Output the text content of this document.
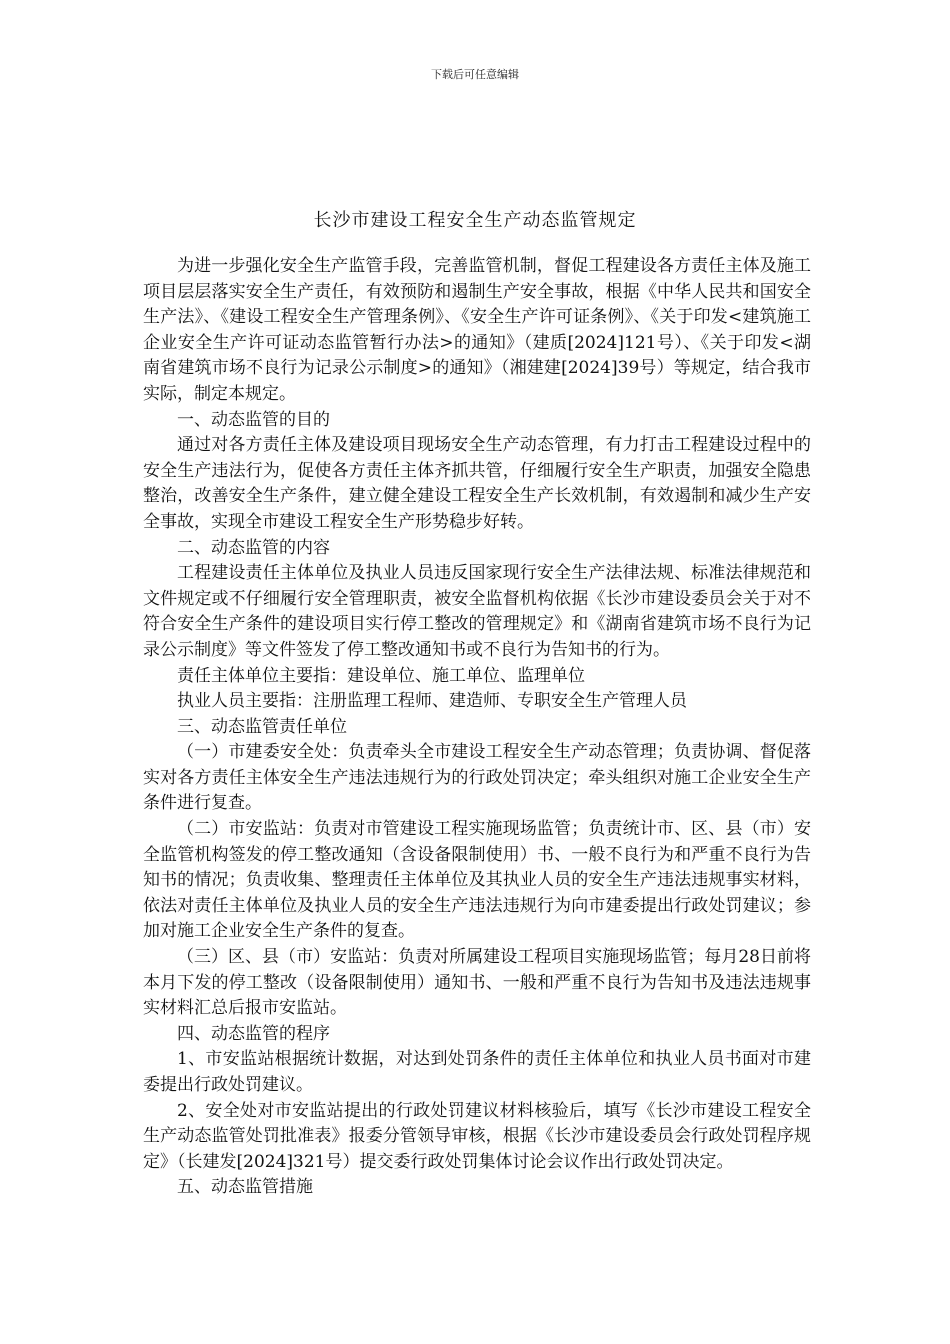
下载后可任意编辑
长沙市建设工程安全生产动态监管规定

为进一步强化安全生产监管手段，完善监管机制，督促工程建设各方责任主体及施工项目层层落实安全生产责任，有效预防和遏制生产安全事故，根据《中华人民共和国安全生产法》、《建设工程安全生产管理条例》、《安全生产许可证条例》、《关于印发<建筑施工企业安全生产许可证动态监管暂行办法>的通知》（建质[2024]121号）、《关于印发<湖南省建筑市场不良行为记录公示制度>的通知》（湘建建[2024]39号）等规定，结合我市实际，制定本规定。

一、动态监管的目的

通过对各方责任主体及建设项目现场安全生产动态管理，有力打击工程建设过程中的安全生产违法行为，促使各方责任主体齐抓共管，仔细履行安全生产职责，加强安全隐患整治，改善安全生产条件，建立健全建设工程安全生产长效机制，有效遏制和减少生产安全事故，实现全市建设工程安全生产形势稳步好转。

二、动态监管的内容

工程建设责任主体单位及执业人员违反国家现行安全生产法律法规、标准法律规范和文件规定或不仔细履行安全管理职责，被安全监督机构依据《长沙市建设委员会关于对不符合安全生产条件的建设项目实行停工整改的管理规定》和《湖南省建筑市场不良行为记录公示制度》等文件签发了停工整改通知书或不良行为告知书的行为。

责任主体单位主要指：建设单位、施工单位、监理单位

执业人员主要指：注册监理工程师、建造师、专职安全生产管理人员

三、动态监管责任单位

（一）市建委安全处：负责牵头全市建设工程安全生产动态管理；负责协调、督促落实对各方责任主体安全生产违法违规行为的行政处罚决定；牵头组织对施工企业安全生产条件进行复查。

（二）市安监站：负责对市管建设工程实施现场监管；负责统计市、区、县（市）安全监管机构签发的停工整改通知（含设备限制使用）书、一般不良行为和严重不良行为告知书的情况；负责收集、整理责任主体单位及其执业人员的安全生产违法违规事实材料，依法对责任主体单位及执业人员的安全生产违法违规行为向市建委提出行政处罚建议；参加对施工企业安全生产条件的复查。

（三）区、县（市）安监站：负责对所属建设工程项目实施现场监管；每月28日前将本月下发的停工整改（设备限制使用）通知书、一般和严重不良行为告知书及违法违规事实材料汇总后报市安监站。

四、动态监管的程序

1、市安监站根据统计数据，对达到处罚条件的责任主体单位和执业人员书面对市建委提出行政处罚建议。

2、安全处对市安监站提出的行政处罚建议材料核验后，填写《长沙市建设工程安全生产动态监管处罚批准表》报委分管领导审核，根据《长沙市建设委员会行政处罚程序规定》（长建发[2024]321号）提交委行政处罚集体讨论会议作出行政处罚决定。

五、动态监管措施
